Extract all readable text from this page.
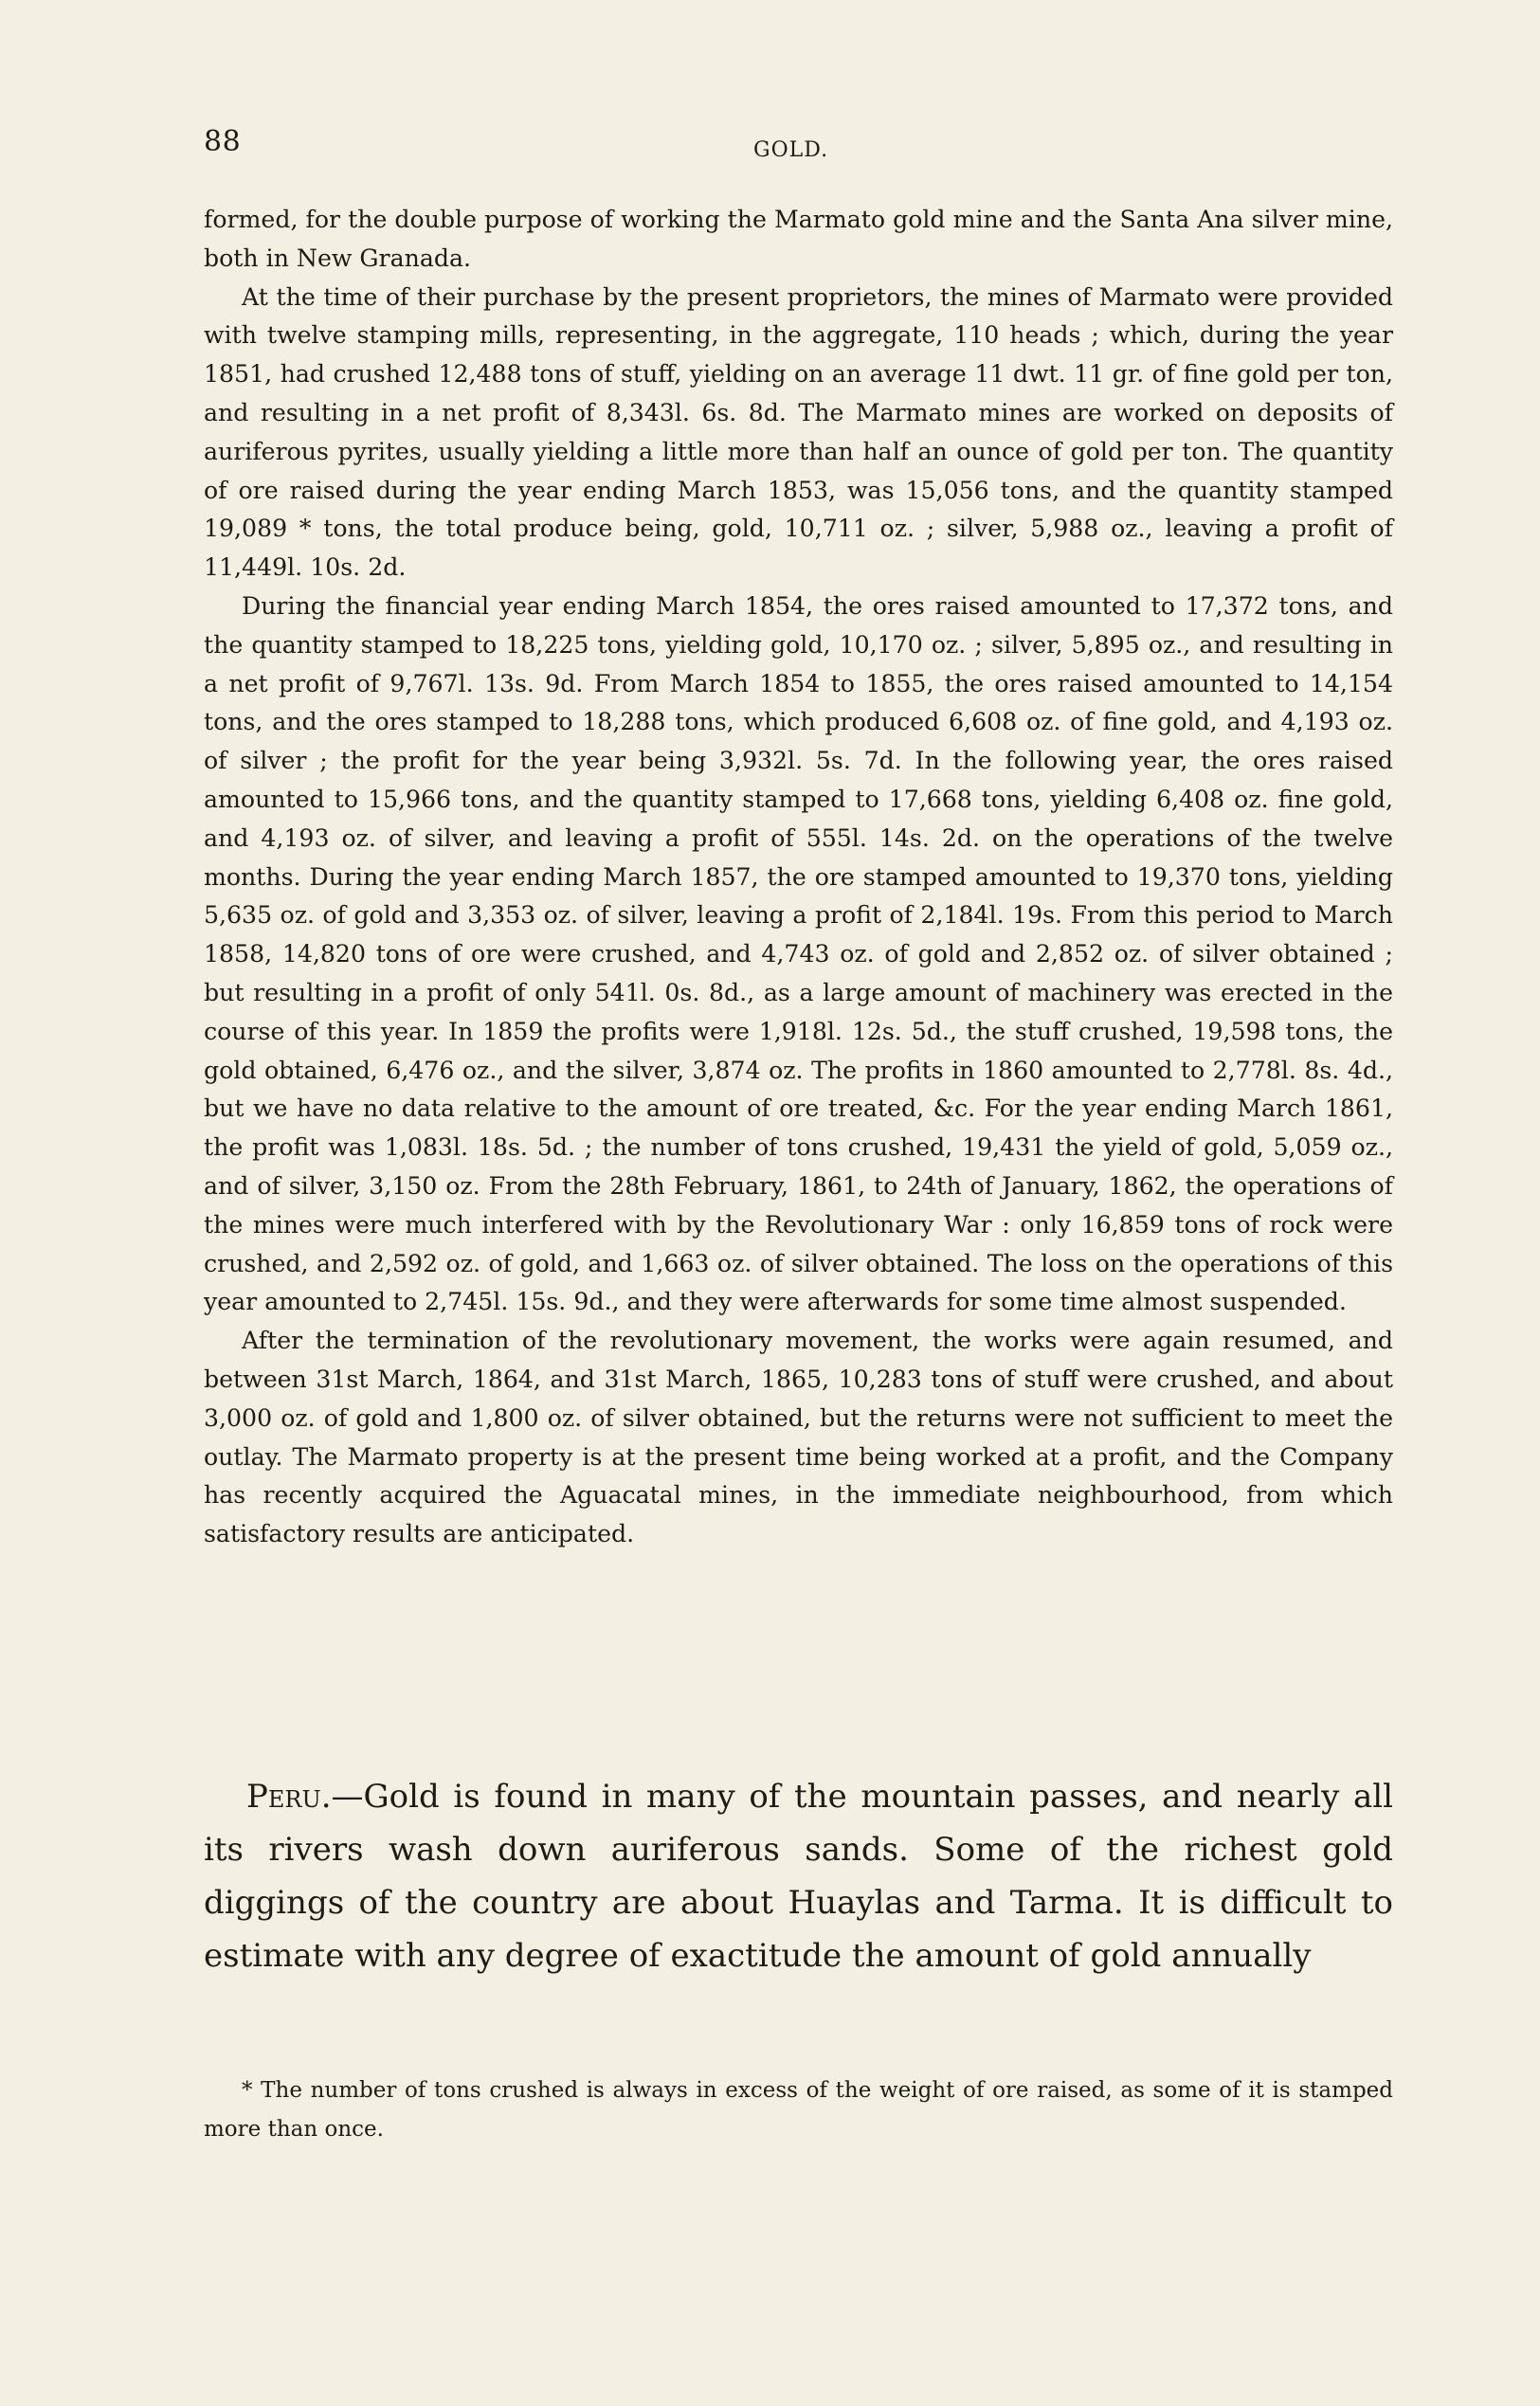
88	GOLD.

formed, for the double purpose of working the Marmato gold mine and the Santa Ana silver mine, both in New Granada.

At the time of their purchase by the present proprietors, the mines of Marmato were provided with twelve stamping mills, representing, in the aggregate, 110 heads ; which, during the year 1851, had crushed 12,488 tons of stuff, yielding on an average 11 dwt. 11 gr. of fine gold per ton, and resulting in a net profit of 8,343l. 6s. 8d. The Marmato mines are worked on deposits of auriferous pyrites, usually yielding a little more than half an ounce of gold per ton. The quantity of ore raised during the year ending March 1853, was 15,056 tons, and the quantity stamped 19,089 * tons, the total produce being, gold, 10,711 oz. ; silver, 5,988 oz., leaving a profit of 11,449l. 10s. 2d.

During the financial year ending March 1854, the ores raised amounted to 17,372 tons, and the quantity stamped to 18,225 tons, yielding gold, 10,170 oz. ; silver, 5,895 oz., and resulting in a net profit of 9,767l. 13s. 9d. From March 1854 to 1855, the ores raised amounted to 14,154 tons, and the ores stamped to 18,288 tons, which produced 6,608 oz. of fine gold, and 4,193 oz. of silver ; the profit for the year being 3,932l. 5s. 7d. In the following year, the ores raised amounted to 15,966 tons, and the quantity stamped to 17,668 tons, yielding 6,408 oz. fine gold, and 4,193 oz. of silver, and leaving a profit of 555l. 14s. 2d. on the operations of the twelve months. During the year ending March 1857, the ore stamped amounted to 19,370 tons, yielding 5,635 oz. of gold and 3,353 oz. of silver, leaving a profit of 2,184l. 19s. From this period to March 1858, 14,820 tons of ore were crushed, and 4,743 oz. of gold and 2,852 oz. of silver obtained ; but resulting in a profit of only 541l. 0s. 8d., as a large amount of machinery was erected in the course of this year. In 1859 the profits were 1,918l. 12s. 5d., the stuff crushed, 19,598 tons, the gold obtained, 6,476 oz., and the silver, 3,874 oz. The profits in 1860 amounted to 2,778l. 8s. 4d., but we have no data relative to the amount of ore treated, &c. For the year ending March 1861, the profit was 1,083l. 18s. 5d. ; the number of tons crushed, 19,431 the yield of gold, 5,059 oz., and of silver, 3,150 oz. From the 28th February, 1861, to 24th of January, 1862, the operations of the mines were much interfered with by the Revolutionary War : only 16,859 tons of rock were crushed, and 2,592 oz. of gold, and 1,663 oz. of silver obtained. The loss on the operations of this year amounted to 2,745l. 15s. 9d., and they were afterwards for some time almost suspended.

After the termination of the revolutionary movement, the works were again resumed, and between 31st March, 1864, and 31st March, 1865, 10,283 tons of stuff were crushed, and about 3,000 oz. of gold and 1,800 oz. of silver obtained, but the returns were not sufficient to meet the outlay. The Marmato property is at the present time being worked at a profit, and the Company has recently acquired the Aguacatal mines, in the immediate neighbourhood, from which satisfactory results are anticipated.

Peru.—Gold is found in many of the mountain passes, and nearly all its rivers wash down auriferous sands. Some of the richest gold diggings of the country are about Huaylas and Tarma. It is difficult to estimate with any degree of exactitude the amount of gold annually

* The number of tons crushed is always in excess of the weight of ore raised, as some of it is stamped more than once.
